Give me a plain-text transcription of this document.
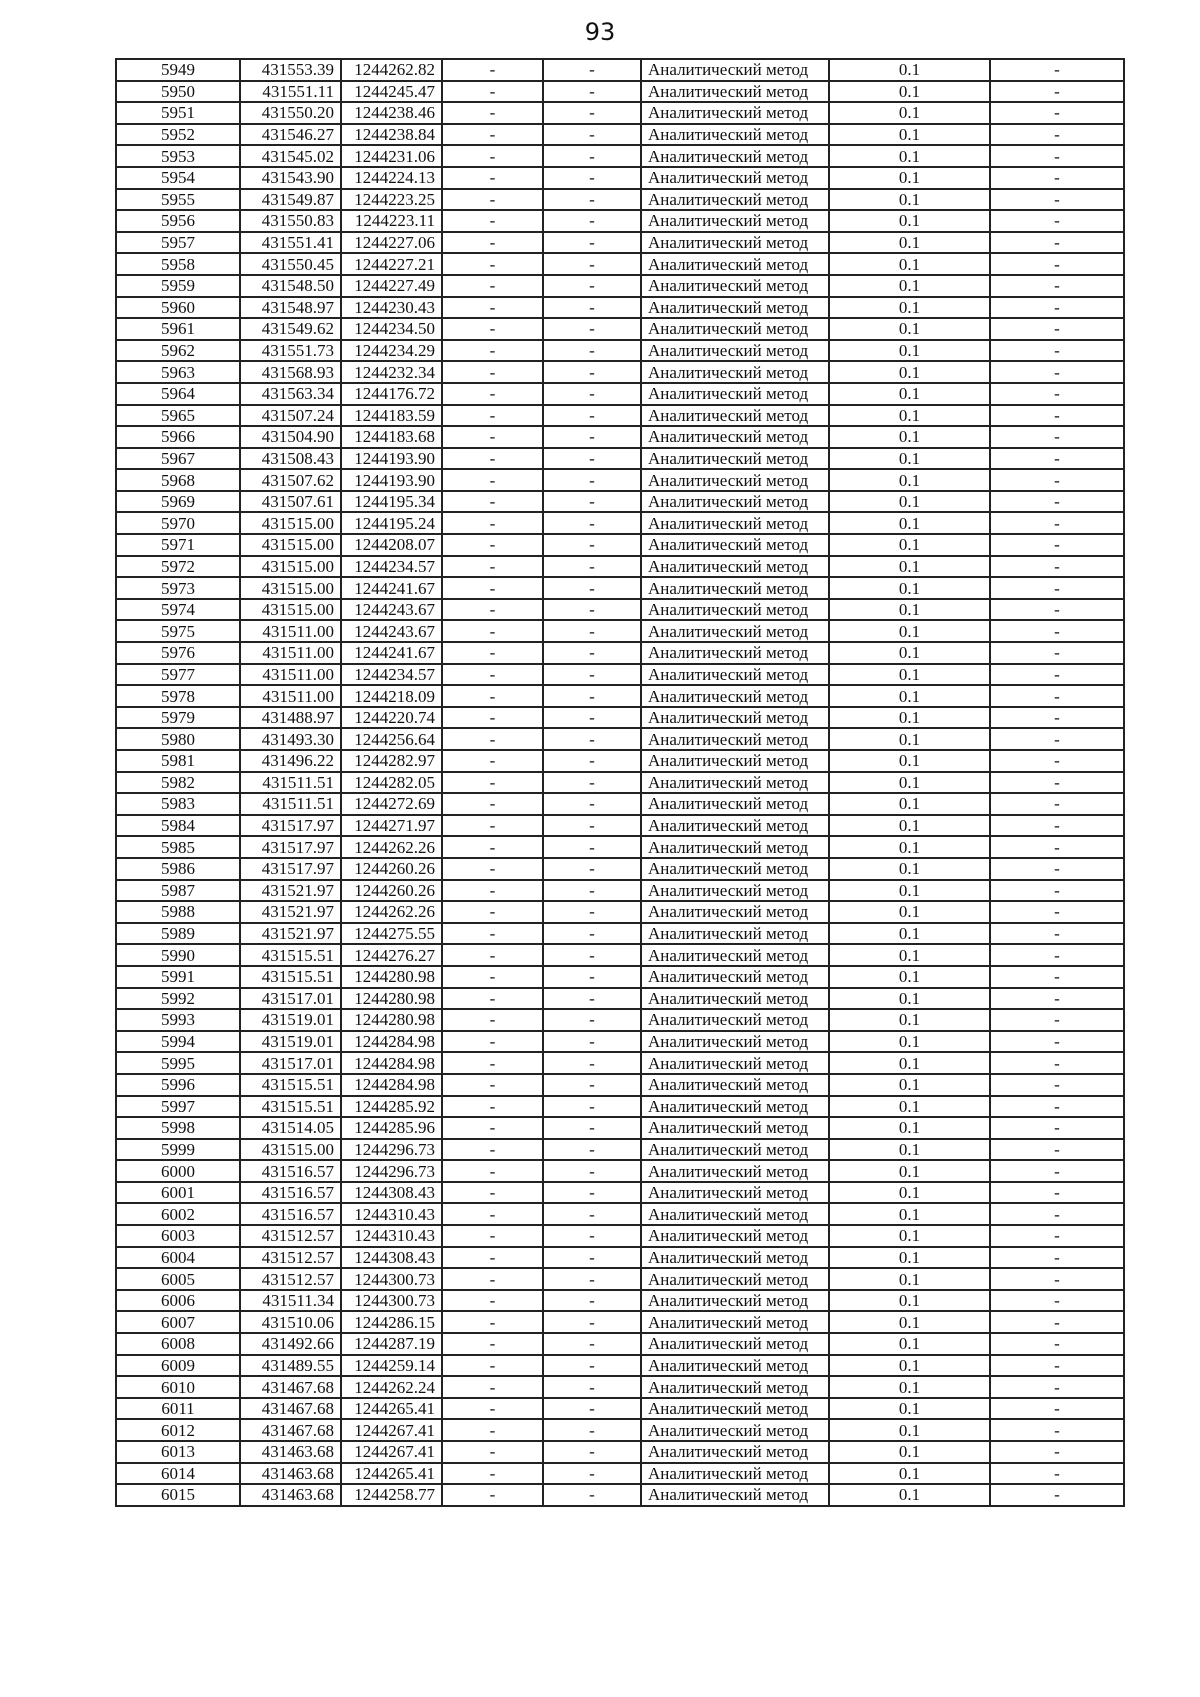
93
5949	431553.39	1244262.82	-	-	Аналитический метод	0.1	-
5950	431551.11	1244245.47	-	-	Аналитический метод	0.1	-
5951	431550.20	1244238.46	-	-	Аналитический метод	0.1	-
5952	431546.27	1244238.84	-	-	Аналитический метод	0.1	-
5953	431545.02	1244231.06	-	-	Аналитический метод	0.1	-
5954	431543.90	1244224.13	-	-	Аналитический метод	0.1	-
5955	431549.87	1244223.25	-	-	Аналитический метод	0.1	-
5956	431550.83	1244223.11	-	-	Аналитический метод	0.1	-
5957	431551.41	1244227.06	-	-	Аналитический метод	0.1	-
5958	431550.45	1244227.21	-	-	Аналитический метод	0.1	-
5959	431548.50	1244227.49	-	-	Аналитический метод	0.1	-
5960	431548.97	1244230.43	-	-	Аналитический метод	0.1	-
5961	431549.62	1244234.50	-	-	Аналитический метод	0.1	-
5962	431551.73	1244234.29	-	-	Аналитический метод	0.1	-
5963	431568.93	1244232.34	-	-	Аналитический метод	0.1	-
5964	431563.34	1244176.72	-	-	Аналитический метод	0.1	-
5965	431507.24	1244183.59	-	-	Аналитический метод	0.1	-
5966	431504.90	1244183.68	-	-	Аналитический метод	0.1	-
5967	431508.43	1244193.90	-	-	Аналитический метод	0.1	-
5968	431507.62	1244193.90	-	-	Аналитический метод	0.1	-
5969	431507.61	1244195.34	-	-	Аналитический метод	0.1	-
5970	431515.00	1244195.24	-	-	Аналитический метод	0.1	-
5971	431515.00	1244208.07	-	-	Аналитический метод	0.1	-
5972	431515.00	1244234.57	-	-	Аналитический метод	0.1	-
5973	431515.00	1244241.67	-	-	Аналитический метод	0.1	-
5974	431515.00	1244243.67	-	-	Аналитический метод	0.1	-
5975	431511.00	1244243.67	-	-	Аналитический метод	0.1	-
5976	431511.00	1244241.67	-	-	Аналитический метод	0.1	-
5977	431511.00	1244234.57	-	-	Аналитический метод	0.1	-
5978	431511.00	1244218.09	-	-	Аналитический метод	0.1	-
5979	431488.97	1244220.74	-	-	Аналитический метод	0.1	-
5980	431493.30	1244256.64	-	-	Аналитический метод	0.1	-
5981	431496.22	1244282.97	-	-	Аналитический метод	0.1	-
5982	431511.51	1244282.05	-	-	Аналитический метод	0.1	-
5983	431511.51	1244272.69	-	-	Аналитический метод	0.1	-
5984	431517.97	1244271.97	-	-	Аналитический метод	0.1	-
5985	431517.97	1244262.26	-	-	Аналитический метод	0.1	-
5986	431517.97	1244260.26	-	-	Аналитический метод	0.1	-
5987	431521.97	1244260.26	-	-	Аналитический метод	0.1	-
5988	431521.97	1244262.26	-	-	Аналитический метод	0.1	-
5989	431521.97	1244275.55	-	-	Аналитический метод	0.1	-
5990	431515.51	1244276.27	-	-	Аналитический метод	0.1	-
5991	431515.51	1244280.98	-	-	Аналитический метод	0.1	-
5992	431517.01	1244280.98	-	-	Аналитический метод	0.1	-
5993	431519.01	1244280.98	-	-	Аналитический метод	0.1	-
5994	431519.01	1244284.98	-	-	Аналитический метод	0.1	-
5995	431517.01	1244284.98	-	-	Аналитический метод	0.1	-
5996	431515.51	1244284.98	-	-	Аналитический метод	0.1	-
5997	431515.51	1244285.92	-	-	Аналитический метод	0.1	-
5998	431514.05	1244285.96	-	-	Аналитический метод	0.1	-
5999	431515.00	1244296.73	-	-	Аналитический метод	0.1	-
6000	431516.57	1244296.73	-	-	Аналитический метод	0.1	-
6001	431516.57	1244308.43	-	-	Аналитический метод	0.1	-
6002	431516.57	1244310.43	-	-	Аналитический метод	0.1	-
6003	431512.57	1244310.43	-	-	Аналитический метод	0.1	-
6004	431512.57	1244308.43	-	-	Аналитический метод	0.1	-
6005	431512.57	1244300.73	-	-	Аналитический метод	0.1	-
6006	431511.34	1244300.73	-	-	Аналитический метод	0.1	-
6007	431510.06	1244286.15	-	-	Аналитический метод	0.1	-
6008	431492.66	1244287.19	-	-	Аналитический метод	0.1	-
6009	431489.55	1244259.14	-	-	Аналитический метод	0.1	-
6010	431467.68	1244262.24	-	-	Аналитический метод	0.1	-
6011	431467.68	1244265.41	-	-	Аналитический метод	0.1	-
6012	431467.68	1244267.41	-	-	Аналитический метод	0.1	-
6013	431463.68	1244267.41	-	-	Аналитический метод	0.1	-
6014	431463.68	1244265.41	-	-	Аналитический метод	0.1	-
6015	431463.68	1244258.77	-	-	Аналитический метод	0.1	-
